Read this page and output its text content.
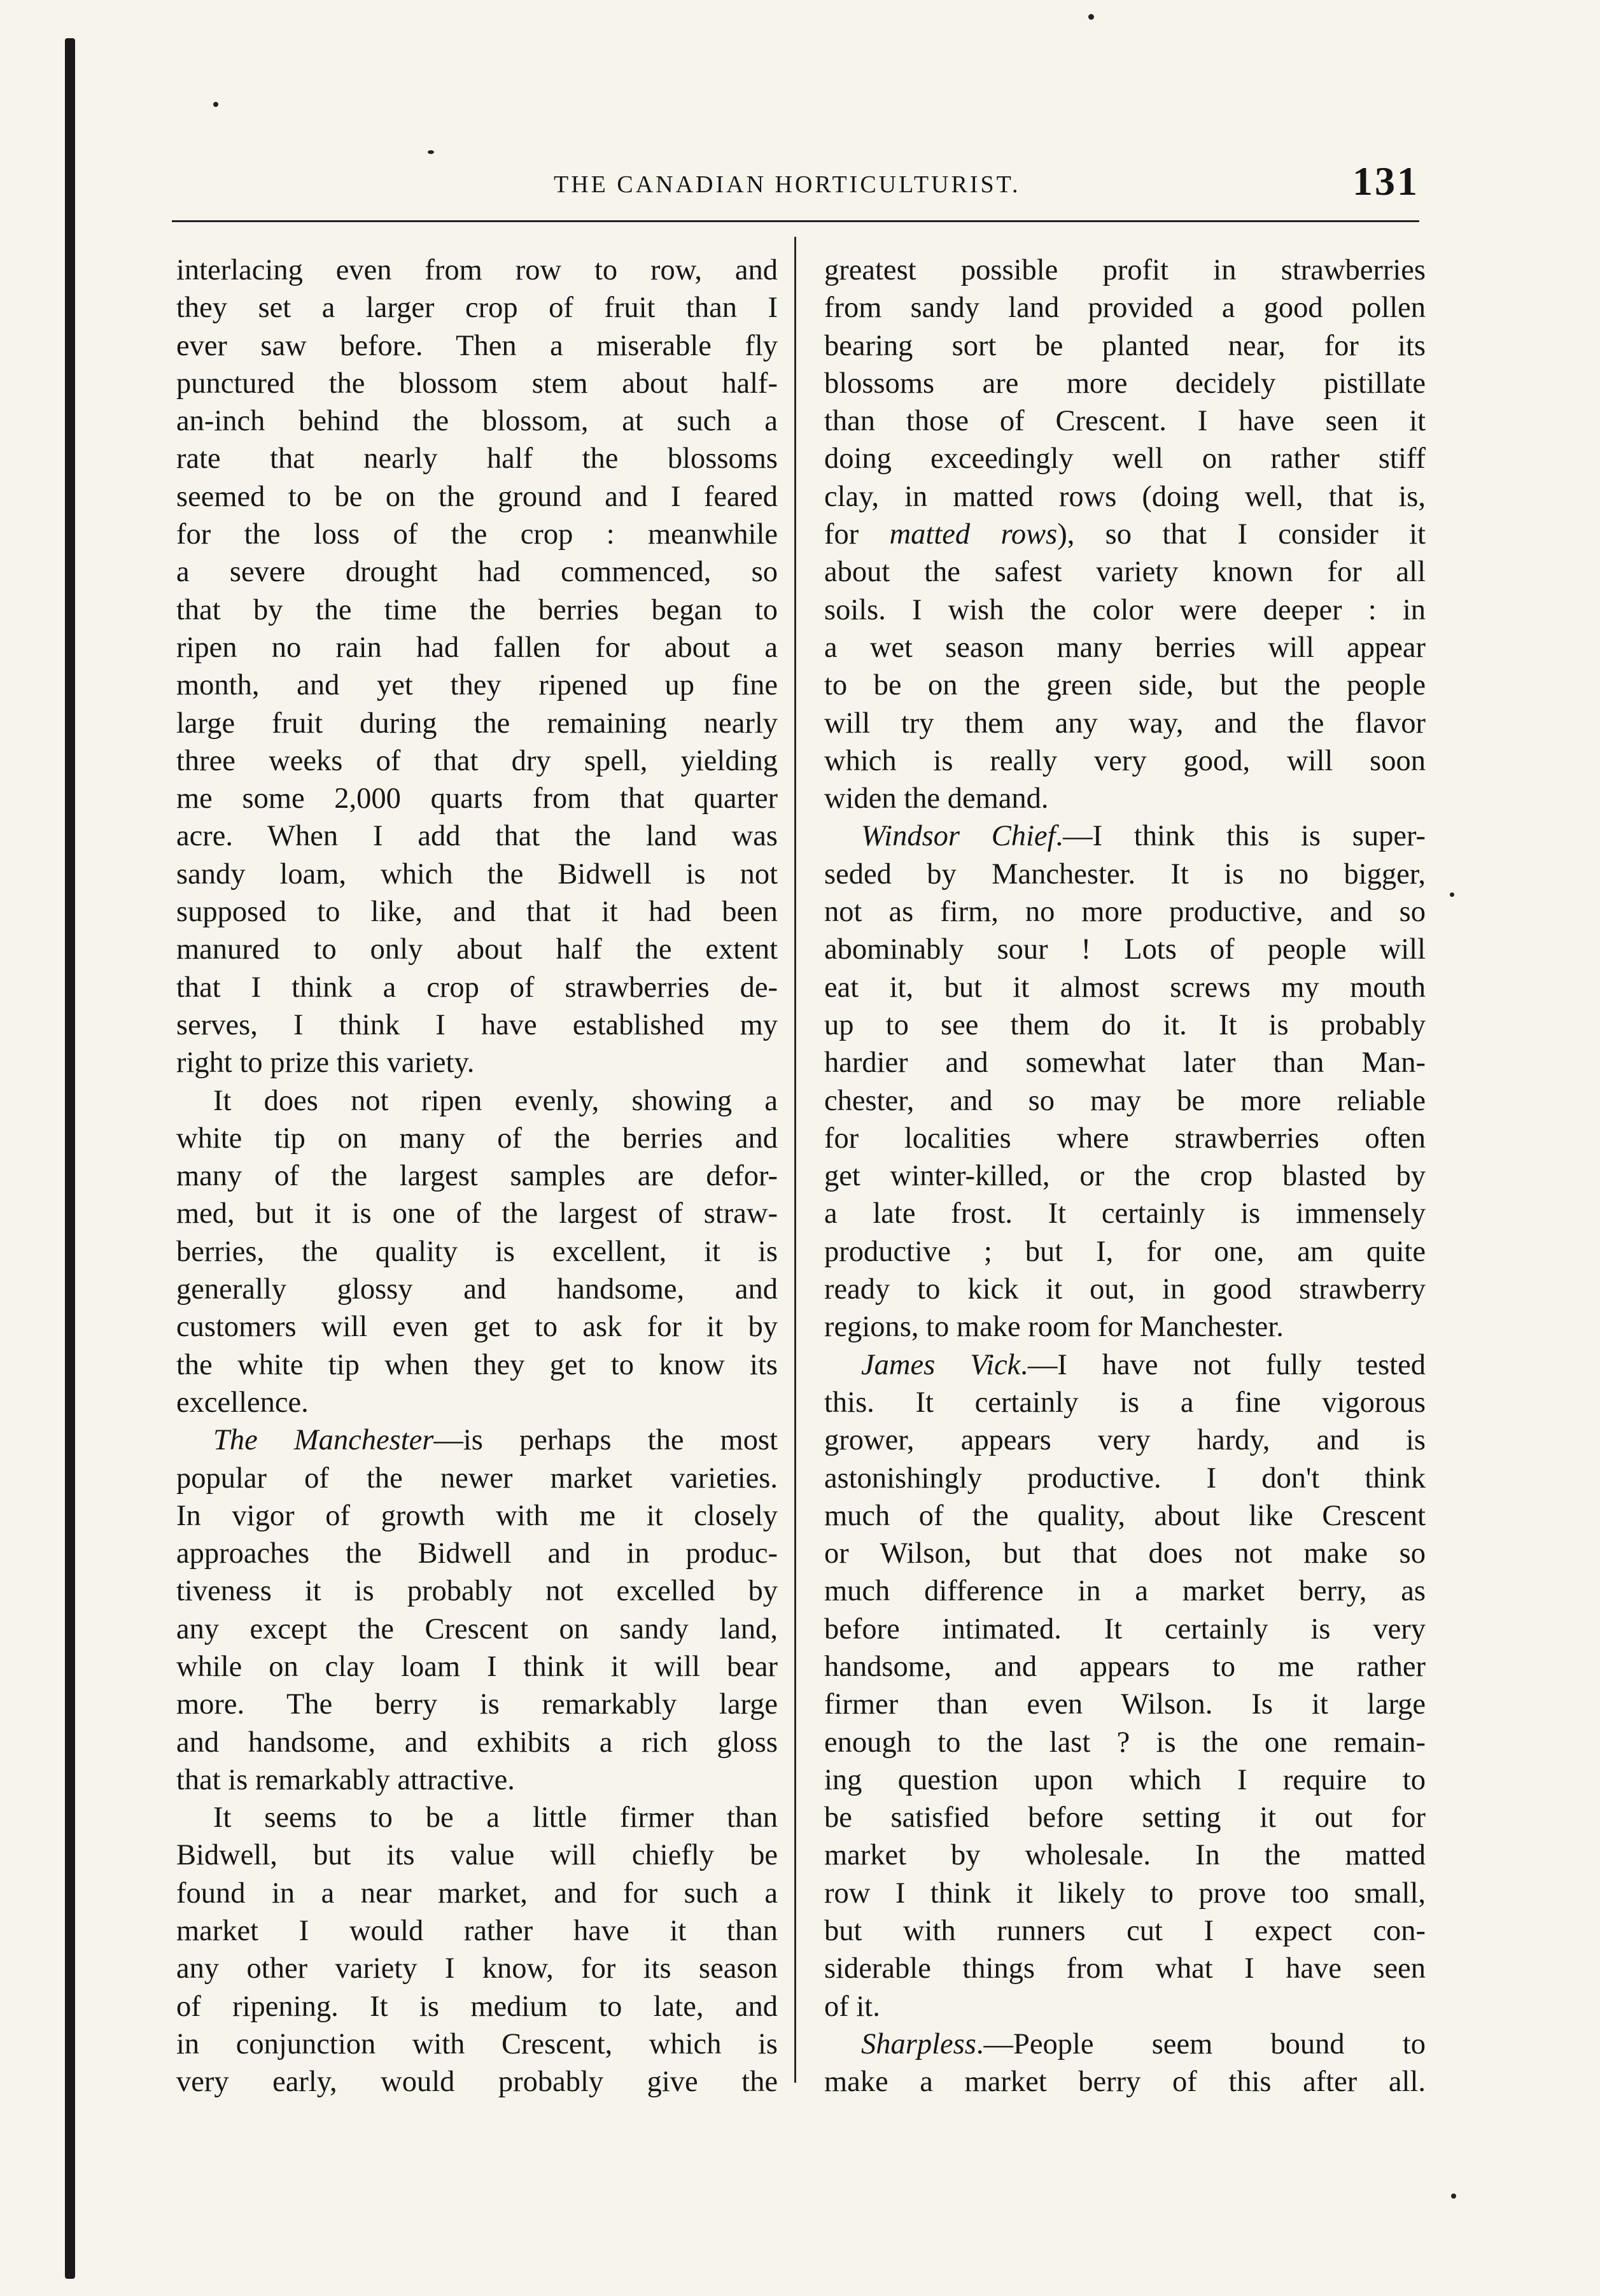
THE CANADIAN HORTICULTURIST.	131
interlacing even from row to row, and
they set a larger crop of fruit than I
ever saw before. Then a miserable fly
punctured the blossom stem about half-
an-inch behind the blossom, at such a
rate that nearly half the blossoms
seemed to be on the ground and I feared
for the loss of the crop : meanwhile
a severe drought had commenced, so
that by the time the berries began to
ripen no rain had fallen for about a
month, and yet they ripened up fine
large fruit during the remaining nearly
three weeks of that dry spell, yielding
me some 2,000 quarts from that quarter
acre. When I add that the land was
sandy loam, which the Bidwell is not
supposed to like, and that it had been
manured to only about half the extent
that I think a crop of strawberries de-
serves, I think I have established my
right to prize this variety.
It does not ripen evenly, showing a
white tip on many of the berries and
many of the largest samples are defor-
med, but it is one of the largest of straw-
berries, the quality is excellent, it is
generally glossy and handsome, and
customers will even get to ask for it by
the white tip when they get to know its
excellence.
The Manchester—is perhaps the most
popular of the newer market varieties.
In vigor of growth with me it closely
approaches the Bidwell and in produc-
tiveness it is probably not excelled by
any except the Crescent on sandy land,
while on clay loam I think it will bear
more. The berry is remarkably large
and handsome, and exhibits a rich gloss
that is remarkably attractive.
It seems to be a little firmer than
Bidwell, but its value will chiefly be
found in a near market, and for such a
market I would rather have it than
any other variety I know, for its season
of ripening. It is medium to late, and
in conjunction with Crescent, which is
very early, would probably give the
greatest possible profit in strawberries
from sandy land provided a good pollen
bearing sort be planted near, for its
blossoms are more decidely pistillate
than those of Crescent. I have seen it
doing exceedingly well on rather stiff
clay, in matted rows (doing well, that is,
for matted rows), so that I consider it
about the safest variety known for all
soils. I wish the color were deeper : in
a wet season many berries will appear
to be on the green side, but the people
will try them any way, and the flavor
which is really very good, will soon
widen the demand.
Windsor Chief.—I think this is super-
seded by Manchester. It is no bigger,
not as firm, no more productive, and so
abominably sour ! Lots of people will
eat it, but it almost screws my mouth
up to see them do it. It is probably
hardier and somewhat later than Man-
chester, and so may be more reliable
for localities where strawberries often
get winter-killed, or the crop blasted by
a late frost. It certainly is immensely
productive ; but I, for one, am quite
ready to kick it out, in good strawberry
regions, to make room for Manchester.
James Vick.—I have not fully tested
this. It certainly is a fine vigorous
grower, appears very hardy, and is
astonishingly productive. I don't think
much of the quality, about like Crescent
or Wilson, but that does not make so
much difference in a market berry, as
before intimated. It certainly is very
handsome, and appears to me rather
firmer than even Wilson. Is it large
enough to the last ? is the one remain-
ing question upon which I require to
be satisfied before setting it out for
market by wholesale. In the matted
row I think it likely to prove too small,
but with runners cut I expect con-
siderable things from what I have seen
of it.
Sharpless.—People seem bound to
make a market berry of this after all.
